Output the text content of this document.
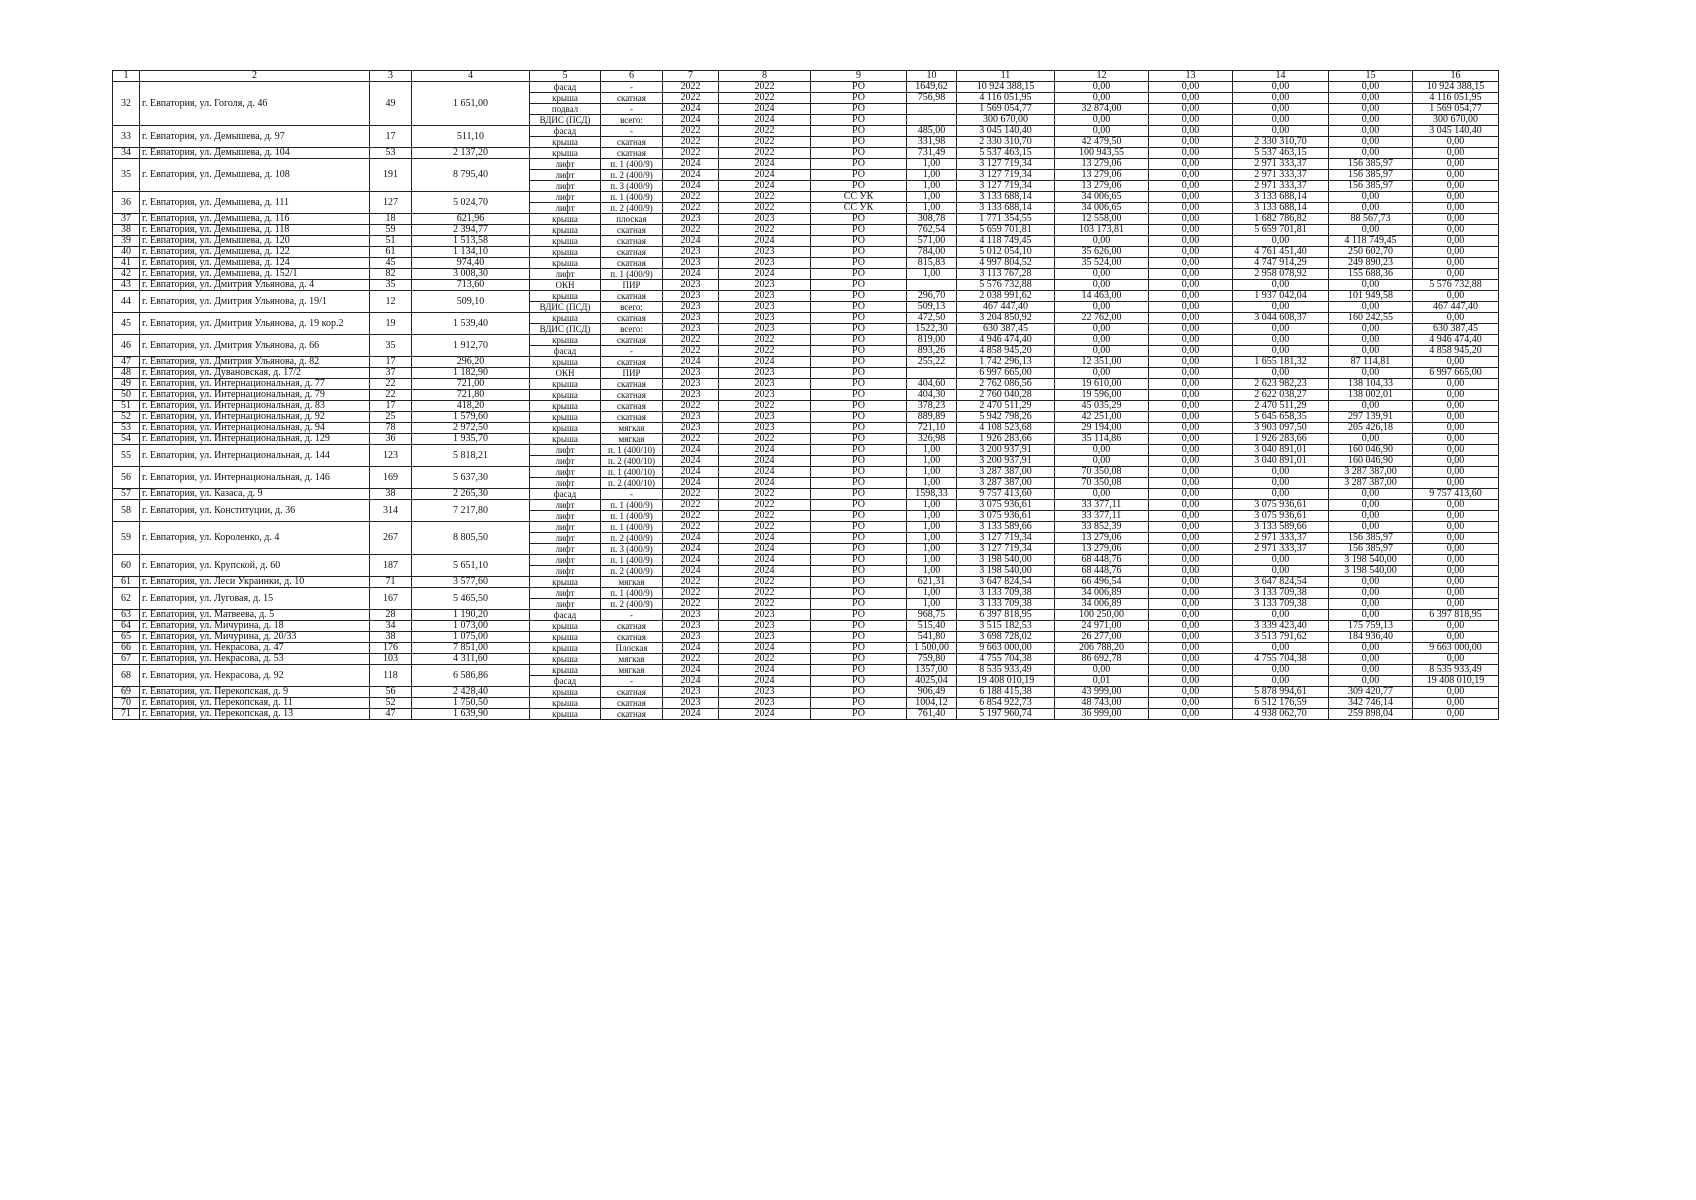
1	2	3	4	5	6	7	8	9	10	11	12	13	14	15	16
32	г. Евпатория, ул. Гоголя, д. 46	49	1 651,00	фасад	-	2022	2022	РО	1649,62	10 924 388,15	0,00	0,00	0,00	0,00	10 924 388,15
				крыша	скатная	2022	2022	РО	756,98	4 116 051,95	0,00	0,00	0,00	0,00	4 116 051,95
				подвал	-	2024	2024	РО		1 569 054,77	32 874,00	0,00	0,00	0,00	1 569 054,77
				ВДИС (ПСД)	всего:	2024	2024	РО		300 670,00	0,00	0,00	0,00	0,00	300 670,00
33	г. Евпатория, ул. Демышева, д. 97	17	511,10	фасад	-	2022	2022	РО	485,00	3 045 140,40	0,00	0,00	0,00	0,00	3 045 140,40
				крыша	скатная	2022	2022	РО	331,98	2 330 310,70	42 479,50	0,00	2 330 310,70	0,00	0,00
34	г. Евпатория, ул. Демышева, д. 104	53	2 137,20	крыша	скатная	2022	2022	РО	731,49	5 537 463,15	100 943,55	0,00	5 537 463,15	0,00	0,00
35	г. Евпатория, ул. Демышева, д. 108	191	8 795,40	лифт	п. 1 (400/9)	2024	2024	РО	1,00	3 127 719,34	13 279,06	0,00	2 971 333,37	156 385,97	0,00
				лифт	п. 2 (400/9)	2024	2024	РО	1,00	3 127 719,34	13 279,06	0,00	2 971 333,37	156 385,97	0,00
				лифт	п. 3 (400/9)	2024	2024	РО	1,00	3 127 719,34	13 279,06	0,00	2 971 333,37	156 385,97	0,00
36	г. Евпатория, ул. Демышева, д. 111	127	5 024,70	лифт	п. 1 (400/9)	2022	2022	СС УК	1,00	3 133 688,14	34 006,65	0,00	3 133 688,14	0,00	0,00
				лифт	п. 2 (400/9)	2022	2022	СС УК	1,00	3 133 688,14	34 006,65	0,00	3 133 688,14	0,00	0,00
37	г. Евпатория, ул. Демышева, д. 116	18	621,96	крыша	плоская	2023	2023	РО	308,78	1 771 354,55	12 558,00	0,00	1 682 786,82	88 567,73	0,00
38	г. Евпатория, ул. Демышева, д. 118	59	2 394,77	крыша	скатная	2022	2022	РО	762,54	5 659 701,81	103 173,81	0,00	5 659 701,81	0,00	0,00
39	г. Евпатория, ул. Демышева, д. 120	51	1 513,58	крыша	скатная	2024	2024	РО	571,00	4 118 749,45	0,00	0,00	0,00	4 118 749,45	0,00
40	г. Евпатория, ул. Демышева, д. 122	61	1 134,10	крыша	скатная	2023	2023	РО	784,00	5 012 054,10	35 626,00	0,00	4 761 451,40	250 602,70	0,00
41	г. Евпатория, ул. Демышева, д. 124	45	974,40	крыша	скатная	2023	2023	РО	815,83	4 997 804,52	35 524,00	0,00	4 747 914,29	249 890,23	0,00
42	г. Евпатория, ул. Демышева, д. 152/1	82	3 008,30	лифт	п. 1 (400/9)	2024	2024	РО	1,00	3 113 767,28	0,00	0,00	2 958 078,92	155 688,36	0,00
43	г. Евпатория, ул. Дмитрия Ульянова, д. 4	35	713,60	ОКН	ПИР	2023	2023	РО		5 576 732,88	0,00	0,00	0,00	0,00	5 576 732,88
44	г. Евпатория, ул. Дмитрия Ульянова, д. 19/1	12	509,10	крыша	скатная	2023	2023	РО	296,70	2 038 991,62	14 463,00	0,00	1 937 042,04	101 949,58	0,00
				ВДИС (ПСД)	всего:	2023	2023	РО	509,13	467 447,40	0,00	0,00	0,00	0,00	467 447,40
45	г. Евпатория, ул. Дмитрия Ульянова, д. 19 кор.2	19	1 539,40	крыша	скатная	2023	2023	РО	472,50	3 204 850,92	22 762,00	0,00	3 044 608,37	160 242,55	0,00
				ВДИС (ПСД)	всего:	2023	2023	РО	1522,30	630 387,45	0,00	0,00	0,00	0,00	630 387,45
46	г. Евпатория, ул. Дмитрия Ульянова, д. 66	35	1 912,70	крыша	скатная	2022	2022	РО	819,00	4 946 474,40	0,00	0,00	0,00	0,00	4 946 474,40
				фасад	-	2022	2022	РО	893,26	4 858 945,20	0,00	0,00	0,00	0,00	4 858 945,20
47	г. Евпатория, ул. Дмитрия Ульянова, д. 82	17	296,20	крыша	скатная	2024	2024	РО	255,22	1 742 296,13	12 351,00	0,00	1 655 181,32	87 114,81	0,00
48	г. Евпатория, ул. Дувановская, д. 17/2	37	1 182,90	ОКН	ПИР	2023	2023	РО		6 997 665,00	0,00	0,00	0,00	0,00	6 997 665,00
49	г. Евпатория, ул. Интернациональная, д. 77	22	721,00	крыша	скатная	2023	2023	РО	404,60	2 762 086,56	19 610,00	0,00	2 623 982,23	138 104,33	0,00
50	г. Евпатория, ул. Интернациональная, д. 79	22	721,80	крыша	скатная	2023	2023	РО	404,30	2 760 040,28	19 596,00	0,00	2 622 038,27	138 002,01	0,00
51	г. Евпатория, ул. Интернациональная, д. 83	17	418,20	крыша	скатная	2022	2022	РО	378,23	2 470 511,29	45 035,29	0,00	2 470 511,29	0,00	0,00
52	г. Евпатория, ул. Интернациональная, д. 92	25	1 579,60	крыша	скатная	2023	2023	РО	889,89	5 942 798,26	42 251,00	0,00	5 645 658,35	297 139,91	0,00
53	г. Евпатория, ул. Интернациональная, д. 94	78	2 972,50	крыша	мягкая	2023	2023	РО	721,10	4 108 523,68	29 194,00	0,00	3 903 097,50	205 426,18	0,00
54	г. Евпатория, ул. Интернациональная, д. 129	36	1 935,70	крыша	мягкая	2022	2022	РО	326,98	1 926 283,66	35 114,86	0,00	1 926 283,66	0,00	0,00
55	г. Евпатория, ул. Интернациональная, д. 144	123	5 818,21	лифт	п. 1 (400/10)	2024	2024	РО	1,00	3 200 937,91	0,00	0,00	3 040 891,01	160 046,90	0,00
				лифт	п. 2 (400/10)	2024	2024	РО	1,00	3 200 937,91	0,00	0,00	3 040 891,01	160 046,90	0,00
56	г. Евпатория, ул. Интернациональная, д. 146	169	5 637,30	лифт	п. 1 (400/10)	2024	2024	РО	1,00	3 287 387,00	70 350,08	0,00	0,00	3 287 387,00	0,00
				лифт	п. 2 (400/10)	2024	2024	РО	1,00	3 287 387,00	70 350,08	0,00	0,00	3 287 387,00	0,00
57	г. Евпатория, ул. Казаса, д. 9	38	2 265,30	фасад	-	2022	2022	РО	1598,33	9 757 413,60	0,00	0,00	0,00	0,00	9 757 413,60
58	г. Евпатория, ул. Конституции, д. 36	314	7 217,80	лифт	п. 1 (400/9)	2022	2022	РО	1,00	3 075 936,61	33 377,11	0,00	3 075 936,61	0,00	0,00
				лифт	п. 1 (400/9)	2022	2022	РО	1,00	3 075 936,61	33 377,11	0,00	3 075 936,61	0,00	0,00
59	г. Евпатория, ул. Короленко, д. 4	267	8 805,50	лифт	п. 1 (400/9)	2022	2022	РО	1,00	3 133 589,66	33 852,39	0,00	3 133 589,66	0,00	0,00
				лифт	п. 2 (400/9)	2024	2024	РО	1,00	3 127 719,34	13 279,06	0,00	2 971 333,37	156 385,97	0,00
				лифт	п. 3 (400/9)	2024	2024	РО	1,00	3 127 719,34	13 279,06	0,00	2 971 333,37	156 385,97	0,00
60	г. Евпатория, ул. Крупской, д. 60	187	5 651,10	лифт	п. 1 (400/9)	2024	2024	РО	1,00	3 198 540,00	68 448,76	0,00	0,00	3 198 540,00	0,00
				лифт	п. 2 (400/9)	2024	2024	РО	1,00	3 198 540,00	68 448,76	0,00	0,00	3 198 540,00	0,00
61	г. Евпатория, ул. Леси Украинки, д. 10	71	3 577,60	крыша	мягкая	2022	2022	РО	621,31	3 647 824,54	66 496,54	0,00	3 647 824,54	0,00	0,00
62	г. Евпатория, ул. Луговая, д. 15	167	5 465,50	лифт	п. 1 (400/9)	2022	2022	РО	1,00	3 133 709,38	34 006,89	0,00	3 133 709,38	0,00	0,00
				лифт	п. 2 (400/9)	2022	2022	РО	1,00	3 133 709,38	34 006,89	0,00	3 133 709,38	0,00	0,00
63	г. Евпатория, ул. Матвеева, д. 5	28	1 190,20	фасад	-	2023	2023	РО	968,75	6 397 818,95	100 250,00	0,00	0,00	0,00	6 397 818,95
64	г. Евпатория, ул. Мичурина, д. 18	34	1 073,00	крыша	скатная	2023	2023	РО	515,40	3 515 182,53	24 971,00	0,00	3 339 423,40	175 759,13	0,00
65	г. Евпатория, ул. Мичурина, д. 20/33	38	1 075,00	крыша	скатная	2023	2023	РО	541,80	3 698 728,02	26 277,00	0,00	3 513 791,62	184 936,40	0,00
66	г. Евпатория, ул. Некрасова, д. 47	176	7 851,00	крыша	Плоская	2024	2024	РО	1 500,00	9 663 000,00	206 788,20	0,00	0,00	0,00	9 663 000,00
67	г. Евпатория, ул. Некрасова, д. 53	103	4 311,60	крыша	мягкая	2022	2022	РО	759,80	4 755 704,38	86 692,78	0,00	4 755 704,38	0,00	0,00
68	г. Евпатория, ул. Некрасова, д. 92	118	6 586,86	крыша	мягкая	2024	2024	РО	1357,00	8 535 933,49	0,00	0,00	0,00	0,00	8 535 933,49
				фасад	-	2024	2024	РО	4025,04	19 408 010,19	0,01	0,00	0,00	0,00	19 408 010,19
69	г. Евпатория, ул. Перекопская, д. 9	56	2 428,40	крыша	скатная	2023	2023	РО	906,49	6 188 415,38	43 999,00	0,00	5 878 994,61	309 420,77	0,00
70	г. Евпатория, ул. Перекопская, д. 11	52	1 750,50	крыша	скатная	2023	2023	РО	1004,12	6 854 922,73	48 743,00	0,00	6 512 176,59	342 746,14	0,00
71	г. Евпатория, ул. Перекопская, д. 13	47	1 639,90	крыша	скатная	2024	2024	РО	761,40	5 197 960,74	36 999,00	0,00	4 938 062,70	259 898,04	0,00
